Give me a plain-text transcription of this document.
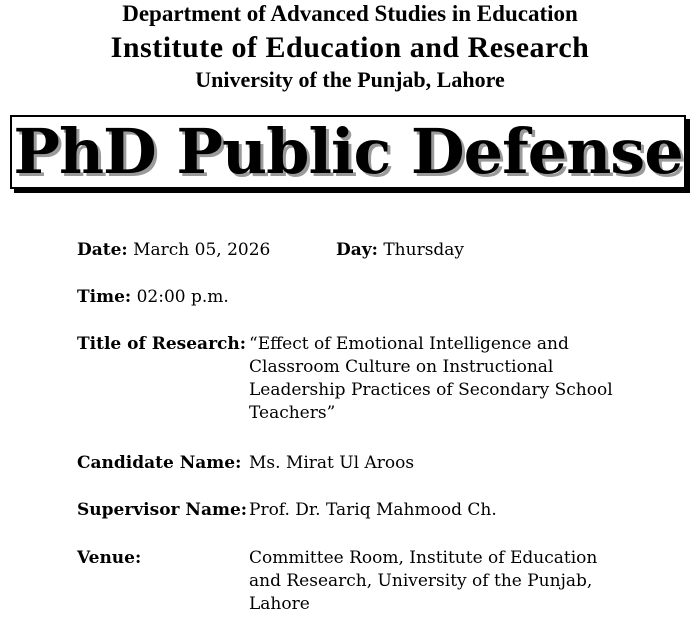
Department of Advanced Studies in Education
Institute of Education and Research
University of the Punjab, Lahore
PhD Public Defense
Date: March 05, 2026	Day: Thursday
Time: 02:00 p.m.
Title of Research: “Effect of Emotional Intelligence and
Classroom Culture on Instructional
Leadership Practices of Secondary School
Teachers”
Candidate Name: Ms. Mirat Ul Aroos
Supervisor Name: Prof. Dr. Tariq Mahmood Ch.
Venue:	Committee Room, Institute of Education
and Research, University of the Punjab,
Lahore
